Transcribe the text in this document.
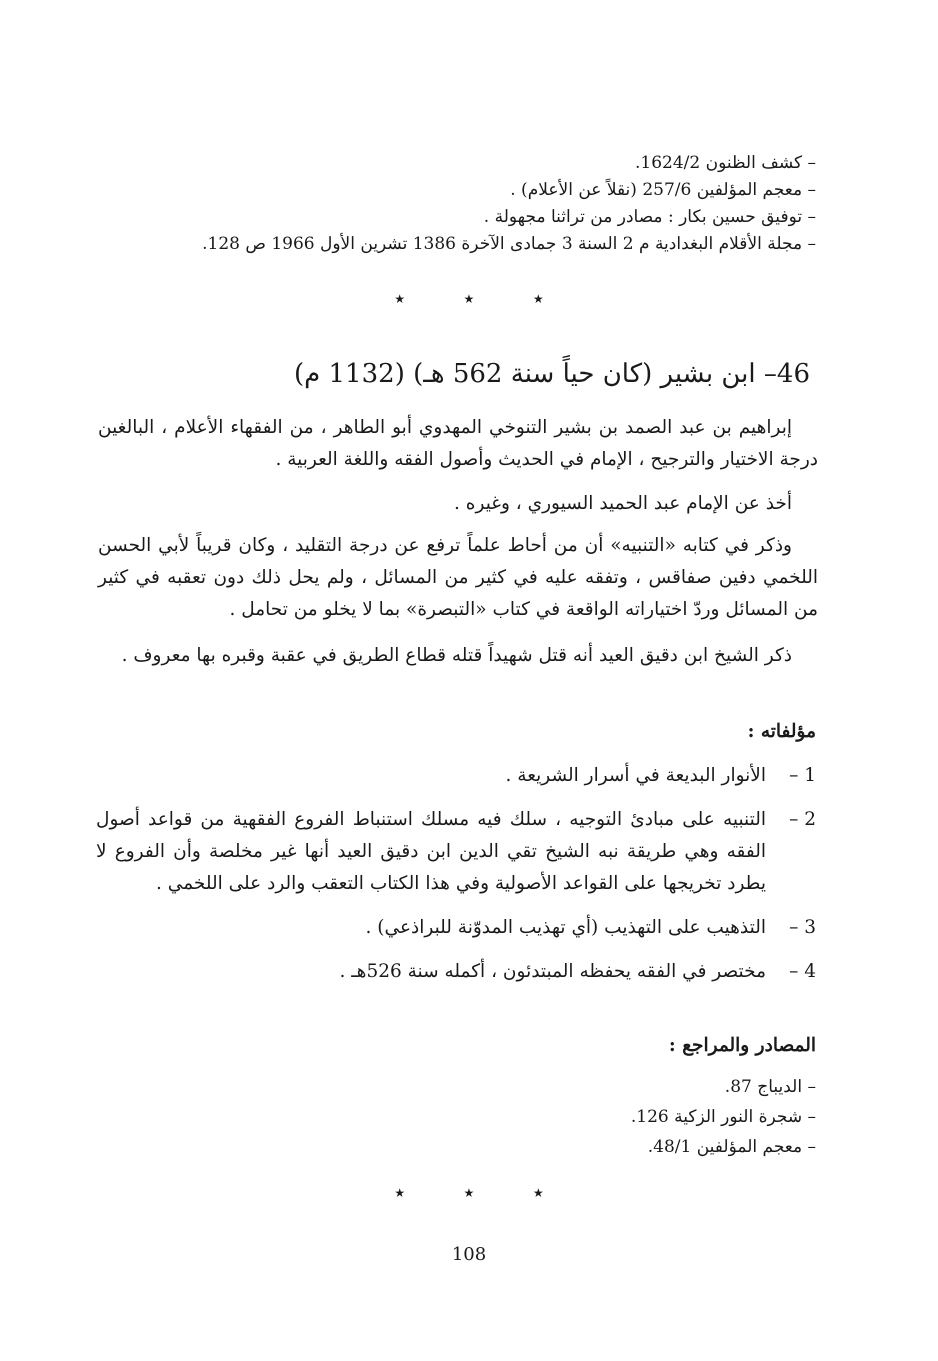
– كشف الظنون 1624/2.
– معجم المؤلفين 257/6 (نقلاً عن الأعلام) .
– توفيق حسين بكار : مصادر من تراثنا مجهولة .
– مجلة الأقلام البغدادية م 2 السنة 3 جمادى الآخرة 1386 تشرين الأول 1966 ص 128.
٭	٭	٭
46– ابن بشير (كان حياً سنة 562 هـ) (1132 م)
إبراهيم بن عبد الصمد بن بشير التنوخي المهدوي أبو الطاهر ، من الفقهاء الأعلام ، البالغين درجة الاختيار والترجيح ، الإمام في الحديث وأصول الفقه واللغة العربية .
أخذ عن الإمام عبد الحميد السيوري ، وغيره .
وذكر في كتابه «التنبيه» أن من أحاط علماً ترفع عن درجة التقليد ، وكان قريباً لأبي الحسن اللخمي دفين صفاقس ، وتفقه عليه في كثير من المسائل ، ولم يحل ذلك دون تعقبه في كثير من المسائل وردّ اختياراته الواقعة في كتاب «التبصرة» بما لا يخلو من تحامل .
ذكر الشيخ ابن دقيق العيد أنه قتل شهيداً قتله قطاع الطريق في عقبة وقبره بها معروف .
مؤلفاته :
1 –
الأنوار البديعة في أسرار الشريعة .
2 –
التنبيه على مبادئ التوجيه ، سلك فيه مسلك استنباط الفروع الفقهية من قواعد أصول الفقه وهي طريقة نبه الشيخ تقي الدين ابن دقيق العيد أنها غير مخلصة وأن الفروع لا يطرد تخريجها على القواعد الأصولية وفي هذا الكتاب التعقب والرد على اللخمي .
3 –
التذهيب على التهذيب (أي تهذيب المدوّنة للبراذعي) .
4 –
مختصر في الفقه يحفظه المبتدئون ، أكمله سنة 526هـ .
المصادر والمراجع :
– الديباج 87.
– شجرة النور الزكية 126.
– معجم المؤلفين 48/1.
٭	٭	٭
108
